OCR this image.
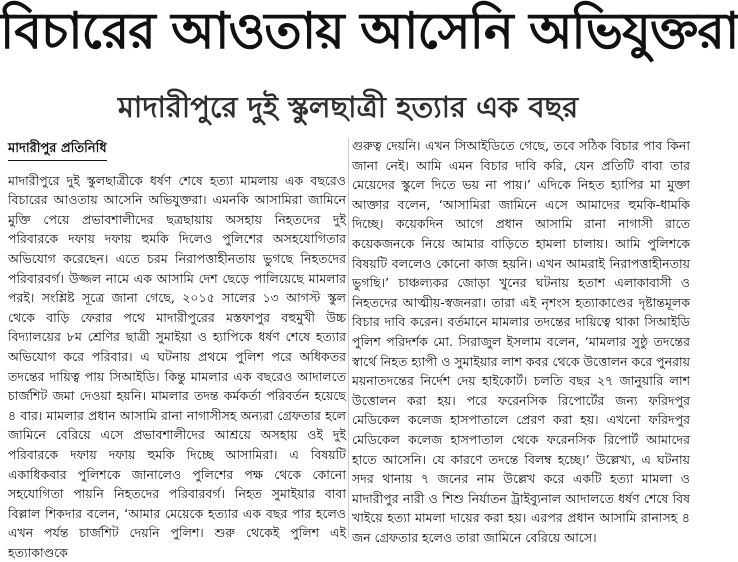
বিচারের আওতায় আসেনি অভিযুক্তরা
মাদারীপুরে দুই স্কুলছাত্রী হত্যার এক বছর
মাদারীপুর প্রতিনিধি

মাদারীপুরে দুই স্কুলছাত্রীকে ধর্ষণ শেষে হত্যা মামলায় এক বছরেও বিচারের আওতায় আসেনি অভিযুক্তরা। এমনকি আসামিরা জামিনে মুক্তি পেয়ে প্রভাবশালীদের ছত্রছায়ায় অসহায় নিহতদের দুই পরিবারকে দফায় দফায় হুমকি দিলেও পুলিশের অসহযোগিতার অভিযোগ করেছেন। এতে চরম নিরাপত্তাহীনতায় ভুগছে নিহতদের পরিবারবর্গ। উজ্জল নামে এক আসামি দেশ ছেড়ে পালিয়েছে মামলার পরই। সংশ্লিষ্ট সূত্রে জানা গেছে, ২০১৫ সালের ১৩ আগস্ট স্কুল থেকে বাড়ি ফেরার পথে মাদারীপুরের মস্তফাপুর বহুমুখী উচ্চ বিদ্যালয়ের ৮ম শ্রেণির ছাত্রী সুমাইয়া ও হ্যাপিকে ধর্ষণ শেষে হত্যার অভিযোগ করে পরিবার। এ ঘটনায় প্রথমে পুলিশ পরে অধিকতর তদন্তের দায়িত্ব পায় সিআইডি। কিন্তু মামলার এক বছরেও আদালতে চার্জশিট জমা দেওয়া হয়নি। মামলার তদন্ত কর্মকর্তা পরিবর্তন হয়েছে ৪ বার। মামলার প্রধান আসামি রানা নাগাসীসহ অন্যরা গ্রেফতার হলে জামিনে বেরিয়ে এসে প্রভাবশালীদের আশ্রয়ে অসহায় ওই দুই পরিবারকে দফায় দফায় হুমকি দিচ্ছে আসামিরা। এ বিষয়টি একাধিকবার পুলিশকে জানালেও পুলিশের পক্ষ থেকে কোনো সহযোগিতা পায়নি নিহতদের পরিবারবর্গ। নিহত সুমাইয়ার বাবা বিল্লাল শিকদার বলেন, ‘আমার মেয়েকে হত্যার এক বছর পার হলেও এখন পর্যন্ত চার্জশিট দেয়নি পুলিশ। শুরু থেকেই পুলিশ এই হত্যাকাণ্ডকে

গুরুত্ব দেয়নি। এখন সিআইডিতে গেছে, তবে সঠিক বিচার পাব কিনা জানা নেই। আমি এমন বিচার দাবি করি, যেন প্রতিটি বাবা তার মেয়েদের স্কুলে দিতে ভয় না পায়।’ এদিকে নিহত হ্যাপির মা মুক্তা আক্তার বলেন, ‘আসামিরা জামিনে এসে আমাদের হুমকি-ধামকি দিচ্ছে। কয়েকদিন আগে প্রধান আসামি রানা নাগাসী রাতে কয়েকজনকে নিয়ে আমার বাড়িতে হামলা চালায়। আমি পুলিশকে বিষয়টি বললেও কোনো কাজ হয়নি। এখন আমরাই নিরাপত্তাহীনতায় ভুগছি।’ চাঞ্চল্যকর জোড়া খুনের ঘটনায় হতাশ এলাকাবাসী ও নিহতদের আত্মীয়-স্বজনরা। তারা এই নৃশংস হত্যাকাণ্ডের দৃষ্টান্তমূলক বিচার দাবি করেন। বর্তমানে মামলার তদন্তের দায়িত্বে থাকা সিআইডি পুলিশ পরিদর্শক মো. সিরাজুল ইসলাম বলেন, ‘মামলার সুষ্ঠু তদন্তের স্বার্থে নিহত হ্যাপী ও সুমাইয়ার লাশ কবর থেকে উত্তোলন করে পুনরায় ময়নাতদন্তের নির্দেশ দেয় হাইকোর্ট। চলতি বছর ২৭ জানুয়ারি লাশ উত্তোলন করা হয়। পরে ফরেনসিক রিপোর্টের জন্য ফরিদপুর মেডিকেল কলেজ হাসপাতালে প্রেরণ করা হয়। এখনো ফরিদপুর মেডিকেল কলেজ হাসপাতাল থেকে ফরেনসিক রিপোর্ট আমাদের হাতে আসেনি। যে কারণে তদন্তে বিলম্ব হচ্ছে।’ উল্লেখ্য, এ ঘটনায় সদর থানায় ৭ জনের নাম উল্লেখ করে একটি হত্যা মামলা ও মাদারীপুর নারী ও শিশু নির্যাতন ট্রাইব্যুনাল আদালতে ধর্ষণ শেষে বিষ খাইয়ে হত্যা মামলা দায়ের করা হয়। এরপর প্রধান আসামি রানাসহ ৪ জন গ্রেফতার হলেও তারা জামিনে বেরিয়ে আসে।
